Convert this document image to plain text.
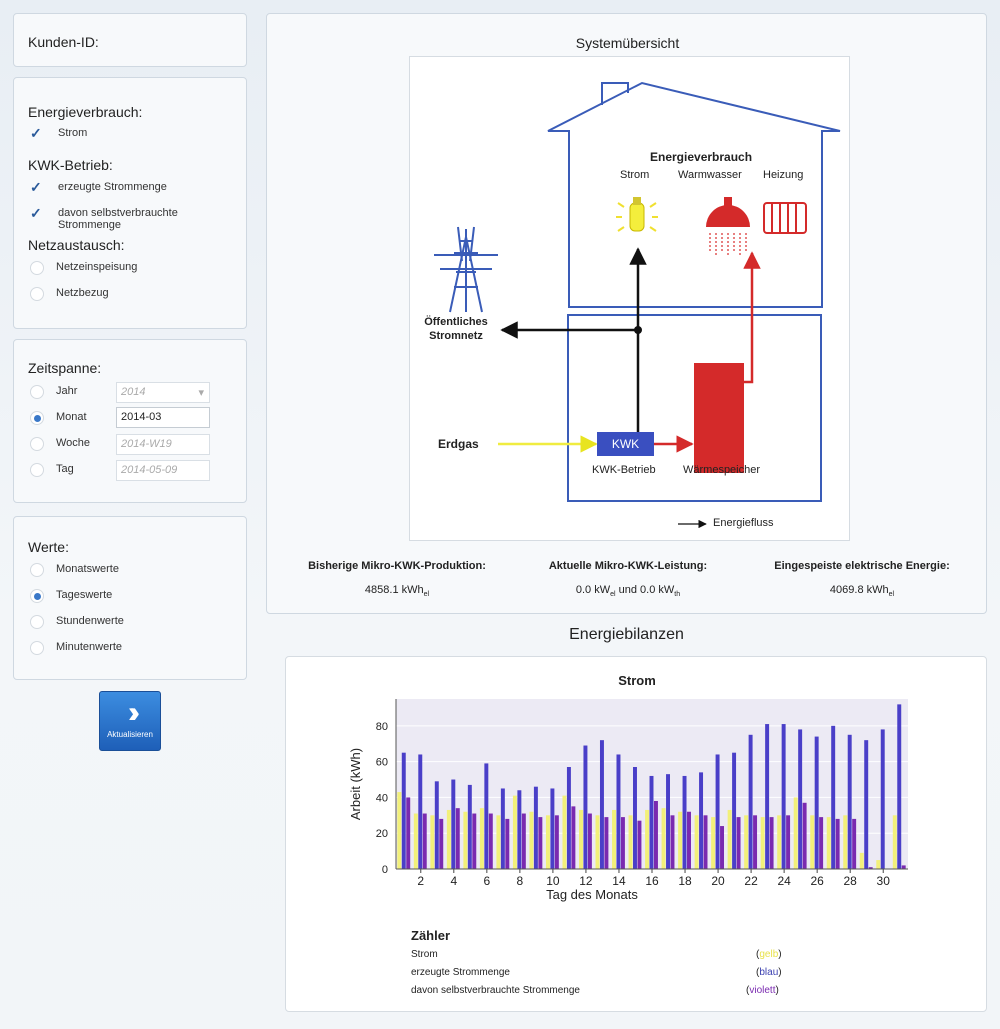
Kunden-ID:
Energieverbrauch:
✓	Strom
KWK-Betrieb:
✓	erzeugte Strommenge
✓	davon selbstverbrauchte
Strommenge
Netzaustausch:
Netzeinspeisung
Netzbezug
Zeitspanne:
Jahr	2014	▾
Monat	2014-03
Woche	2014-W19
Tag	2014-05-09
Werte:
Monatswerte
Tageswerte
Stundenwerte
Minutenwerte
››
Aktualisieren
Systemübersicht
Energieverbrauch
Strom	Warmwasser Heizung
Öffentliches
Stromnetz
Erdgas	KWK
KWK-Betrieb Wärmespeicher
Energiefluss
Bisherige Mikro-KWK-Produktion:
4858.1 kWh$_{el}$
Aktuelle Mikro-KWK-Leistung:
0.0 $kW_{el}$ und 0.0 $kW_{th}$
Eingespeiste elektrische Energie:
4069.8 kWh$_{el}$
Energiebilanzen
Strom
0
20
40
60
80
2 4 6 8 10 12 14 16 18 20 22 24 26 28 30
Tag des Monats
Arbeit (kWh)
Zähler
Strom
erzeugte Strommenge
davon selbstverbrauchte Strommenge
(gelb)
(blau)
(violett)
